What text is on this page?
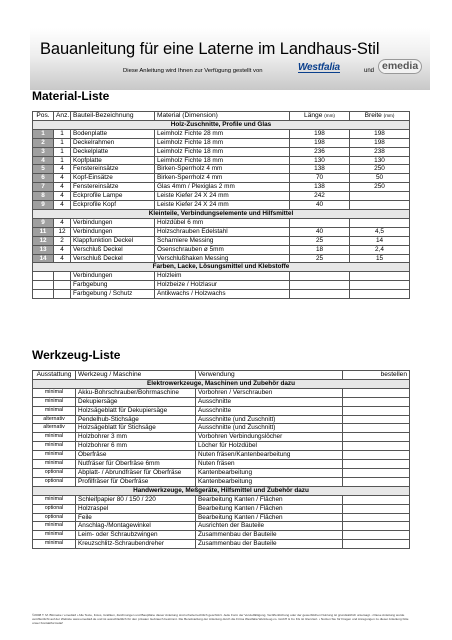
Bauanleitung für eine Laterne im Landhaus-Stil
Diese Anleitung wird Ihnen zur Verfügung gestellt von	Westfalia	und emedia
Material-Liste
Pos.	Anz.	Bauteil-Bezeichnung	Material (Dimension)	Länge (mm)	Breite (mm)
Holz-Zuschnitte, Profile und Glas					
1	1	Bodenplatte	Leimholz Fichte 28 mm	198	198
2	1	Deckelrahmen	Leimholz Fichte 18 mm	198	198
3	1	Deckelplatte	Leimholz Fichte 18 mm	236	238
4	1	Kopfplatte	Leimholz Fichte 18 mm	130	130
5	4	Fenstereinsätze	Birken-Sperrholz 4 mm	138	250
6	4	Kopf-Einsätze	Birken-Sperrholz 4 mm	70	50
7	4	Fenstereinsätze	Glas 4mm / Plexiglas 2 mm	138	250
8	4	Eckprofile Lampe	Leiste Kiefer 24 X 24 mm	242	
9	4	Eckprofile Kopf	Leiste Kiefer 24 X 24 mm	40	
Kleinteile, Verbindungselemente und Hilfsmittel					
9	4	Verbindungen	Holzdübel 6 mm		
11	12	Verbindungen	Holzschrauben Edelstahl	40	4,5
12	2	Klappfunktion Deckel	Scharniere Messing	25	14
13	4	Verschluß Deckel	Ösenschrauben ø 5mm	18	2,4
14	4	Verschluß Deckel	Verschlußhaken Messing	25	15
Farben, Lacke, Lösungsmittel und Klebstoffe					
		Verbindungen	Holzleim		
		Farbgebung	Holzbeize / Holzlasur		
		Farbgebung / Schutz	Antikwachs / Holzwachs		
Werkzeug-Liste
Ausstattung	Werkzeug / Maschine	Verwendung	bestellen
Elektrowerkzeuge, Maschinen und Zubehör dazu			
minimal	Akku-Bohrschrauber/Bohrmaschine	Vorbohren / Verschrauben	
minimal	Dekupiersäge	Ausschnitte	
minimal	Holzsägeblatt für Dekupiersäge	Ausschnitte	
alternativ	Pendelhub-Stichsäge	Ausschnitte (und Zuschnitt)	
alternativ	Holzsägeblatt für Stichsäge	Ausschnitte (und Zuschnitt)	
minimal	Holzbohrer 3 mm	Vorbohren Verbindungslöcher	
minimal	Holzbohrer 6 mm	Löcher für Holzdübel	
minimal	Oberfräse	Nuten fräsen/Kantenbearbeitung	
minimal	Nutfräser für Oberfräse 6mm	Nuten fräsen	
optional	Abplatt- / Abrundfräser für Oberfräse	Kantenbearbeitung	
optional	Profilfräser für Oberfräse	Kantenbearbeitung	
Handwerkzeuge, Meßgeräte, Hilfsmittel und Zubehör dazu			
minimal	Schleifpapier 80 / 150 / 220	Bearbeitung Kanten / Flächen	
optional	Holzraspel	Bearbeitung Kanten / Flächen	
optional	Feile	Bearbeitung Kanten / Flächen	
minimal	Anschlag-/Montagewinkel	Ausrichten der Bauteile	
minimal	Leim- oder Schraubzwingen	Zusammenbau der Bauteile	
minimal	Kreuzschlitz-Schraubendreher	Zusammenbau der Bauteile	
©2008 T. M. Blömeke / emedia3 • Alle Texte, Fotos, Grafiken, Zeichnungen und Bauplläne dieser Anleitung sind urheberrechtlich geschützt. Jede Form der Vervielfältigung, Veröffentlichung oder der gewerblichen Nutzung ist grundsätzlich untersagt. • Diese Anleitung wurde veröffentlicht auf der Website www.emedia3.de und ist ausschließlich für den privaten Gebrauch bestimmt. Die Bereitstellung der Anleitung durch die Firma Westfalia Werkzeug.co. GmbH & Co KG ist lizenziert. • Nutzen Sie für Fragen und Anregungen zu dieser Anleitung bitte unser Kontaktformular!
